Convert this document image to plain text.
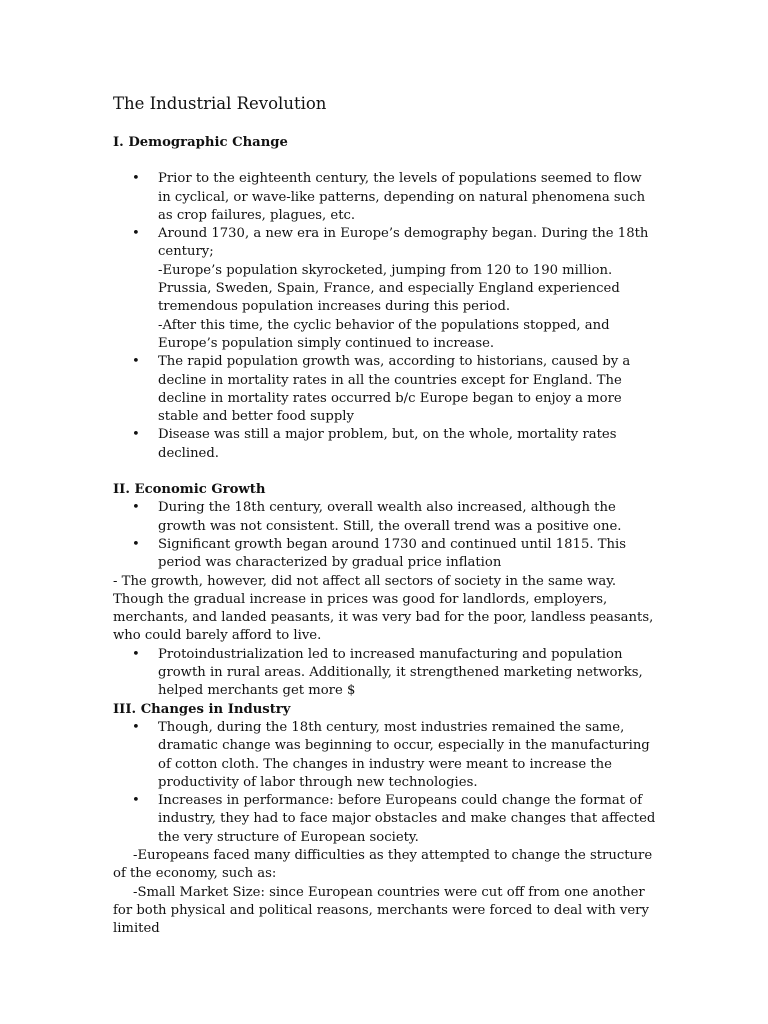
The Industrial Revolution

I. Demographic Change

•
Prior to the eighteenth century, the levels of populations seemed to flow in cyclical, or wave-like patterns, depending on natural phenomena such as crop failures, plagues, etc.
•
Around 1730, a new era in Europe’s demography began. During the 18th century;
-Europe’s population skyrocketed, jumping from 120 to 190 million. Prussia, Sweden, Spain, France, and especially England experienced tremendous population increases during this period.
-After this time, the cyclic behavior of the populations stopped, and Europe’s population simply continued to increase.
•
The rapid population growth was, according to historians, caused by a decline in mortality rates in all the countries except for England. The decline in mortality rates occurred b/c Europe began to enjoy a more stable and better food supply
•
Disease was still a major problem, but, on the whole, mortality rates declined.

II. Economic Growth

•
During the 18th century, overall wealth also increased, although the growth was not consistent. Still, the overall trend was a positive one.
•
Significant growth began around 1730 and continued until 1815. This period was characterized by gradual price inflation

- The growth, however, did not affect all sectors of society in the same way. Though the gradual increase in prices was good for landlords, employers, merchants, and landed peasants, it was very bad for the poor, landless peasants, who could barely afford to live.

•
Protoindustrialization led to increased manufacturing and population growth in rural areas. Additionally, it strengthened marketing networks, helped merchants get more $

III. Changes in Industry

•
Though, during the 18th century, most industries remained the same, dramatic change was beginning to occur, especially in the manufacturing of cotton cloth. The changes in industry were meant to increase the productivity of labor through new technologies.
•
Increases in performance: before Europeans could change the format of industry, they had to face major obstacles and make changes that affected the very structure of European society.

-Europeans faced many difficulties as they attempted to change the structure of the economy, such as:

-Small Market Size: since European countries were cut off from one another for both physical and political reasons, merchants were forced to deal with very limited
